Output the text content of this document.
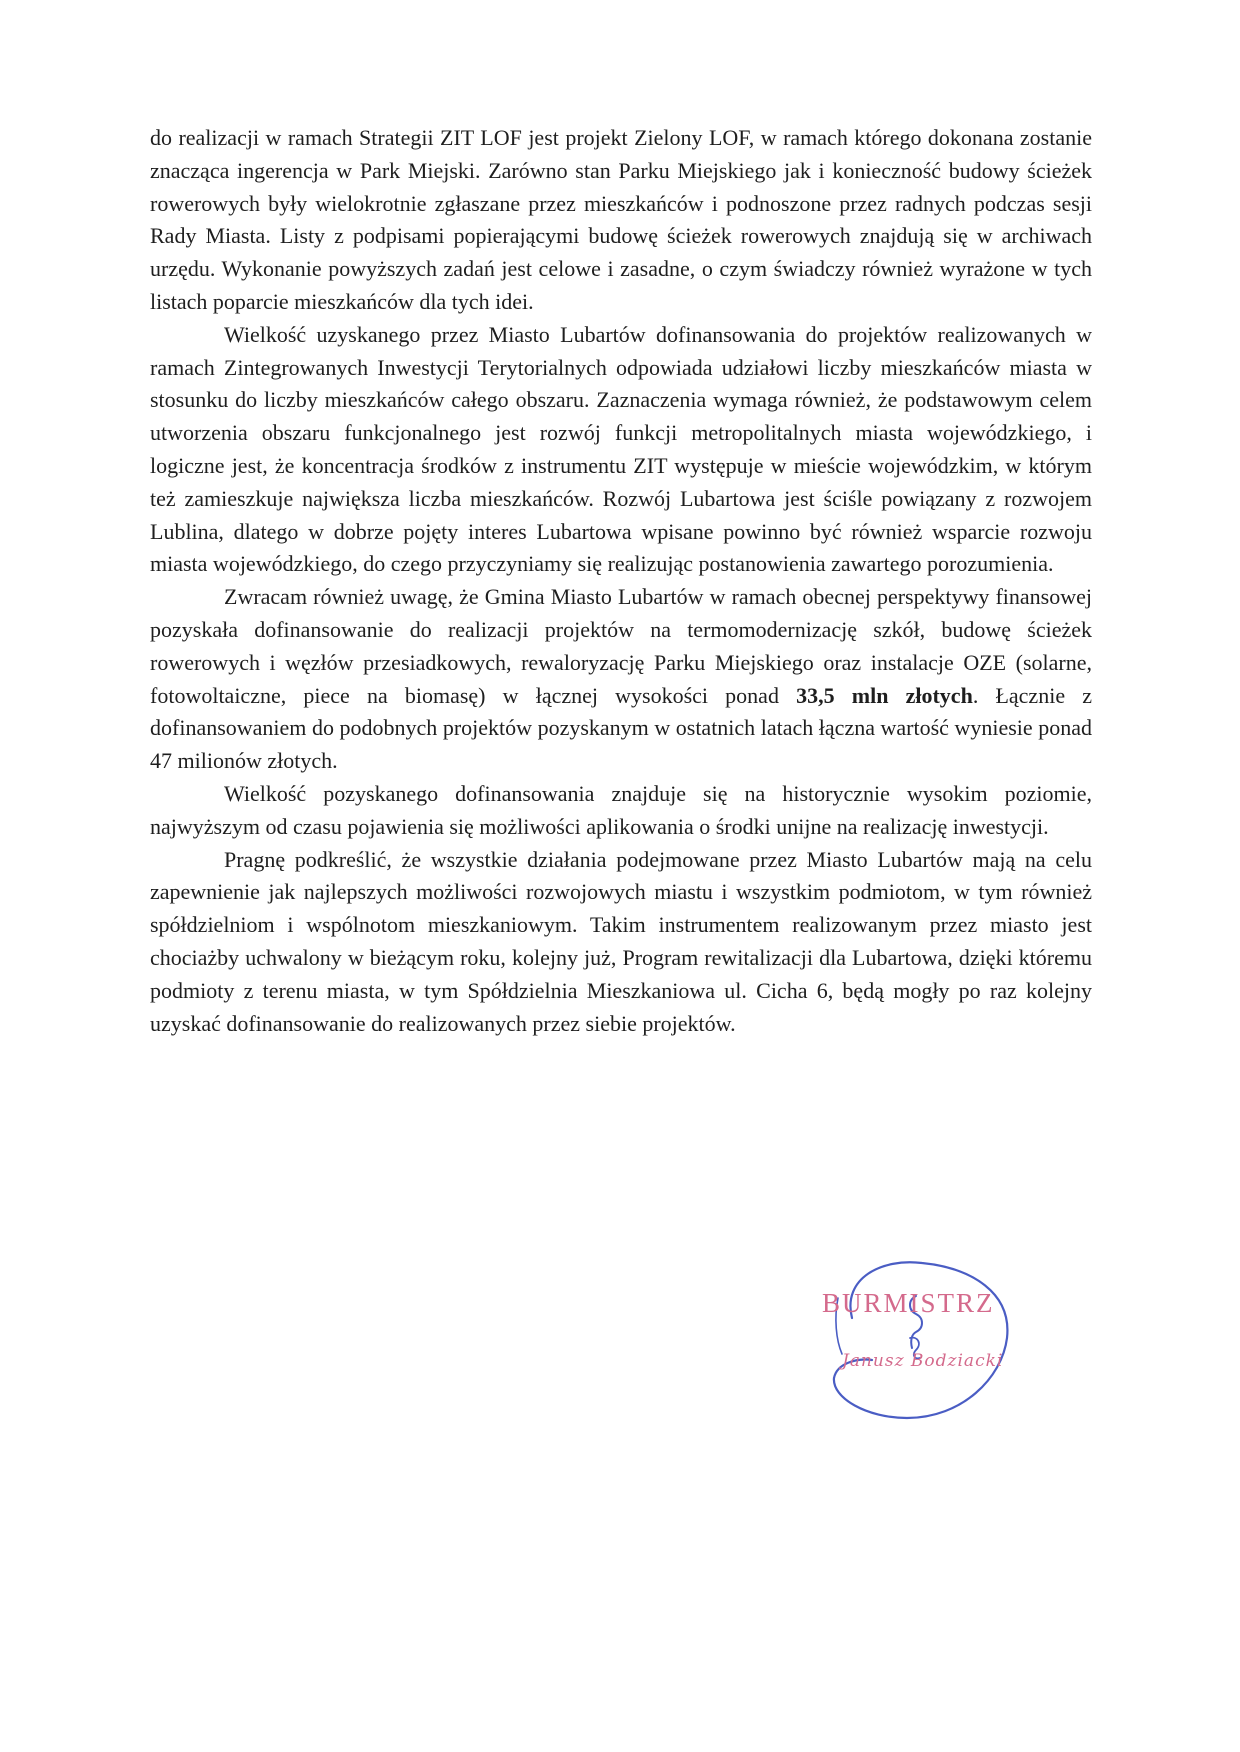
do realizacji w ramach Strategii ZIT LOF jest projekt Zielony LOF, w ramach którego dokonana zostanie znacząca ingerencja w Park Miejski. Zarówno stan Parku Miejskiego jak i konieczność budowy ścieżek rowerowych były wielokrotnie zgłaszane przez mieszkańców i podnoszone przez radnych podczas sesji Rady Miasta. Listy z podpisami popierającymi budowę ścieżek rowerowych znajdują się w archiwach urzędu. Wykonanie powyższych zadań jest celowe i zasadne, o czym świadczy również wyrażone w tych listach poparcie mieszkańców dla tych idei.

Wielkość uzyskanego przez Miasto Lubartów dofinansowania do projektów realizowanych w ramach Zintegrowanych Inwestycji Terytorialnych odpowiada udziałowi liczby mieszkańców miasta w stosunku do liczby mieszkańców całego obszaru. Zaznaczenia wymaga również, że podstawowym celem utworzenia obszaru funkcjonalnego jest rozwój funkcji metropolitalnych miasta wojewódzkiego, i logiczne jest, że koncentracja środków z instrumentu ZIT występuje w mieście wojewódzkim, w którym też zamieszkuje największa liczba mieszkańców. Rozwój Lubartowa jest ściśle powiązany z rozwojem Lublina, dlatego w dobrze pojęty interes Lubartowa wpisane powinno być również wsparcie rozwoju miasta wojewódzkiego, do czego przyczyniamy się realizując postanowienia zawartego porozumienia.

Zwracam również uwagę, że Gmina Miasto Lubartów w ramach obecnej perspektywy finansowej pozyskała dofinansowanie do realizacji projektów na termomodernizację szkół, budowę ścieżek rowerowych i węzłów przesiadkowych, rewaloryzację Parku Miejskiego oraz instalacje OZE (solarne, fotowoltaiczne, piece na biomasę) w łącznej wysokości ponad 33,5 mln złotych. Łącznie z dofinansowaniem do podobnych projektów pozyskanym w ostatnich latach łączna wartość wyniesie ponad 47 milionów złotych.

Wielkość pozyskanego dofinansowania znajduje się na historycznie wysokim poziomie, najwyższym od czasu pojawienia się możliwości aplikowania o środki unijne na realizację inwestycji.

Pragnę podkreślić, że wszystkie działania podejmowane przez Miasto Lubartów mają na celu zapewnienie jak najlepszych możliwości rozwojowych miastu i wszystkim podmiotom, w tym również spółdzielniom i wspólnotom mieszkaniowym. Takim instrumentem realizowanym przez miasto jest chociażby uchwalony w bieżącym roku, kolejny już, Program rewitalizacji dla Lubartowa, dzięki któremu podmioty z terenu miasta, w tym Spółdzielnia Mieszkaniowa ul. Cicha 6, będą mogły po raz kolejny uzyskać dofinansowanie do realizowanych przez siebie projektów.

BURMISTRZ
Janusz Bodziacki
